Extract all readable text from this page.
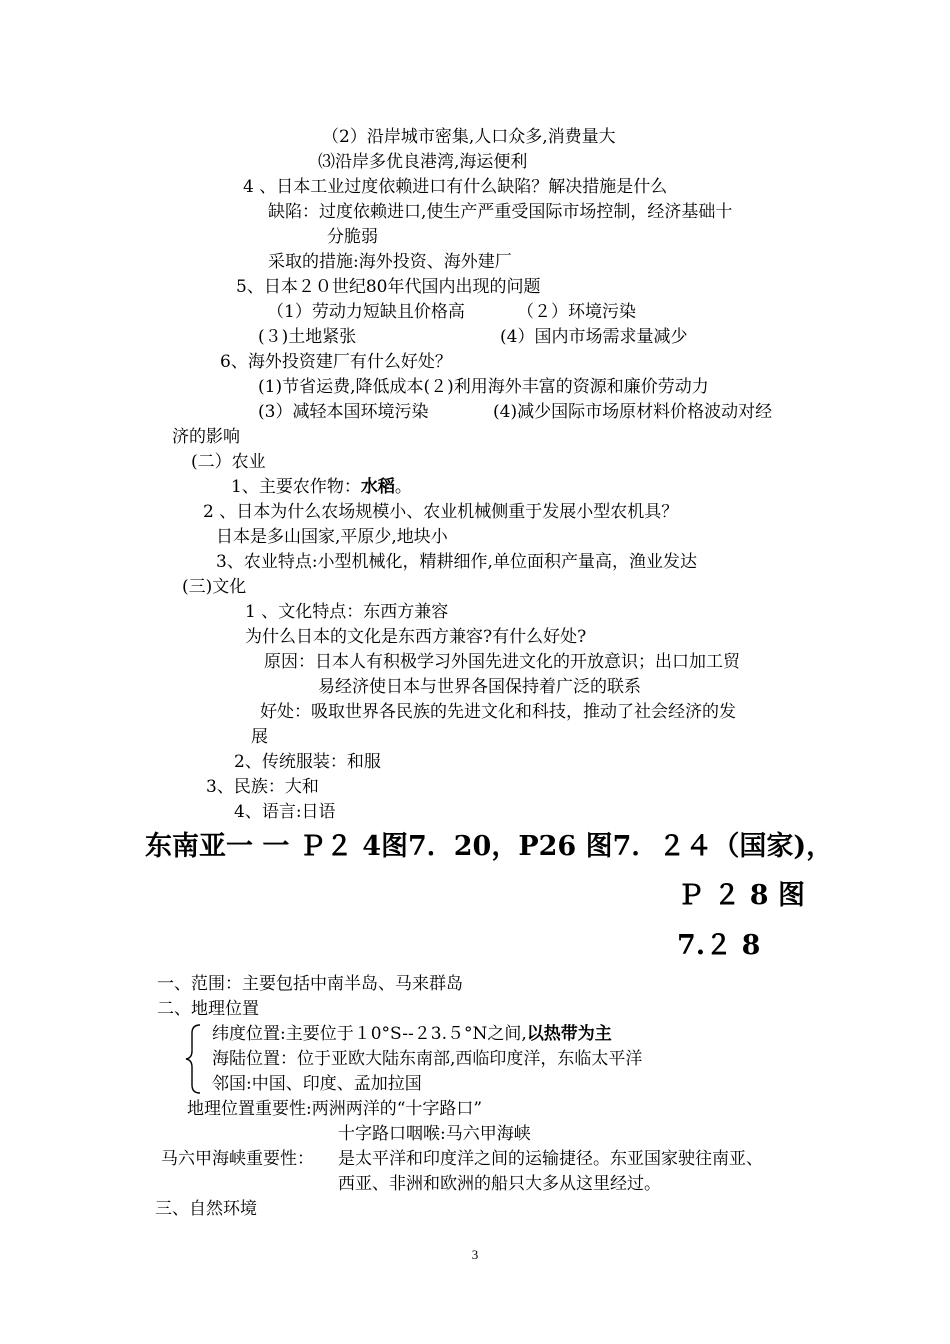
（2）沿岸城市密集,人口众多,消费量大
⑶沿岸多优良港湾,海运便利
4 、日本工业过度依赖进口有什么缺陷？解决措施是什么
缺陷：过度依赖进口,使生产严重受国际市场控制，经济基础十
分脆弱
采取的措施:海外投资、海外建厂
5、日本２０世纪80年代国内出现的问题
（1）劳动力短缺且价格高	（２）环境污染
(３)土地紧张	(4）国内市场需求量减少
6、海外投资建厂有什么好处？
(1)节省运费,降低成本(２)利用海外丰富的资源和廉价劳动力
(3）减轻本国环境污染	(4)减少国际市场原材料价格波动对经
济的影响
(二）农业
1、主要农作物：水稻。
2 、日本为什么农场规模小、农业机械侧重于发展小型农机具？
日本是多山国家,平原少,地块小
3、农业特点:小型机械化，精耕细作,单位面积产量高，渔业发达
(三)文化
1 、文化特点：东西方兼容
为什么日本的文化是东西方兼容?有什么好处?
原因：日本人有积极学习外国先进文化的开放意识；出口加工贸
易经济使日本与世界各国保持着广泛的联系
好处：吸取世界各民族的先进文化和科技，推动了社会经济的发
展
2、传统服装：和服
3、民族：大和
4、语言:日语
东南亚一 一 Ｐ２ 4图7．20，P26 图7．２４（国家)，
Ｐ ２ 8 图
7.２ 8
一、范围：主要包括中南半岛、马来群岛
二、地理位置
纬度位置:主要位于１0°S--２3.５°N之间,以热带为主
海陆位置：位于亚欧大陆东南部,西临印度洋，东临太平洋
邻国:中国、印度、孟加拉国
地理位置重要性:两洲两洋的“十字路口”
十字路口咽喉:马六甲海峡
马六甲海峡重要性： 是太平洋和印度洋之间的运输捷径。东亚国家驶往南亚、
西亚、非洲和欧洲的船只大多从这里经过。
三、自然环境
3
